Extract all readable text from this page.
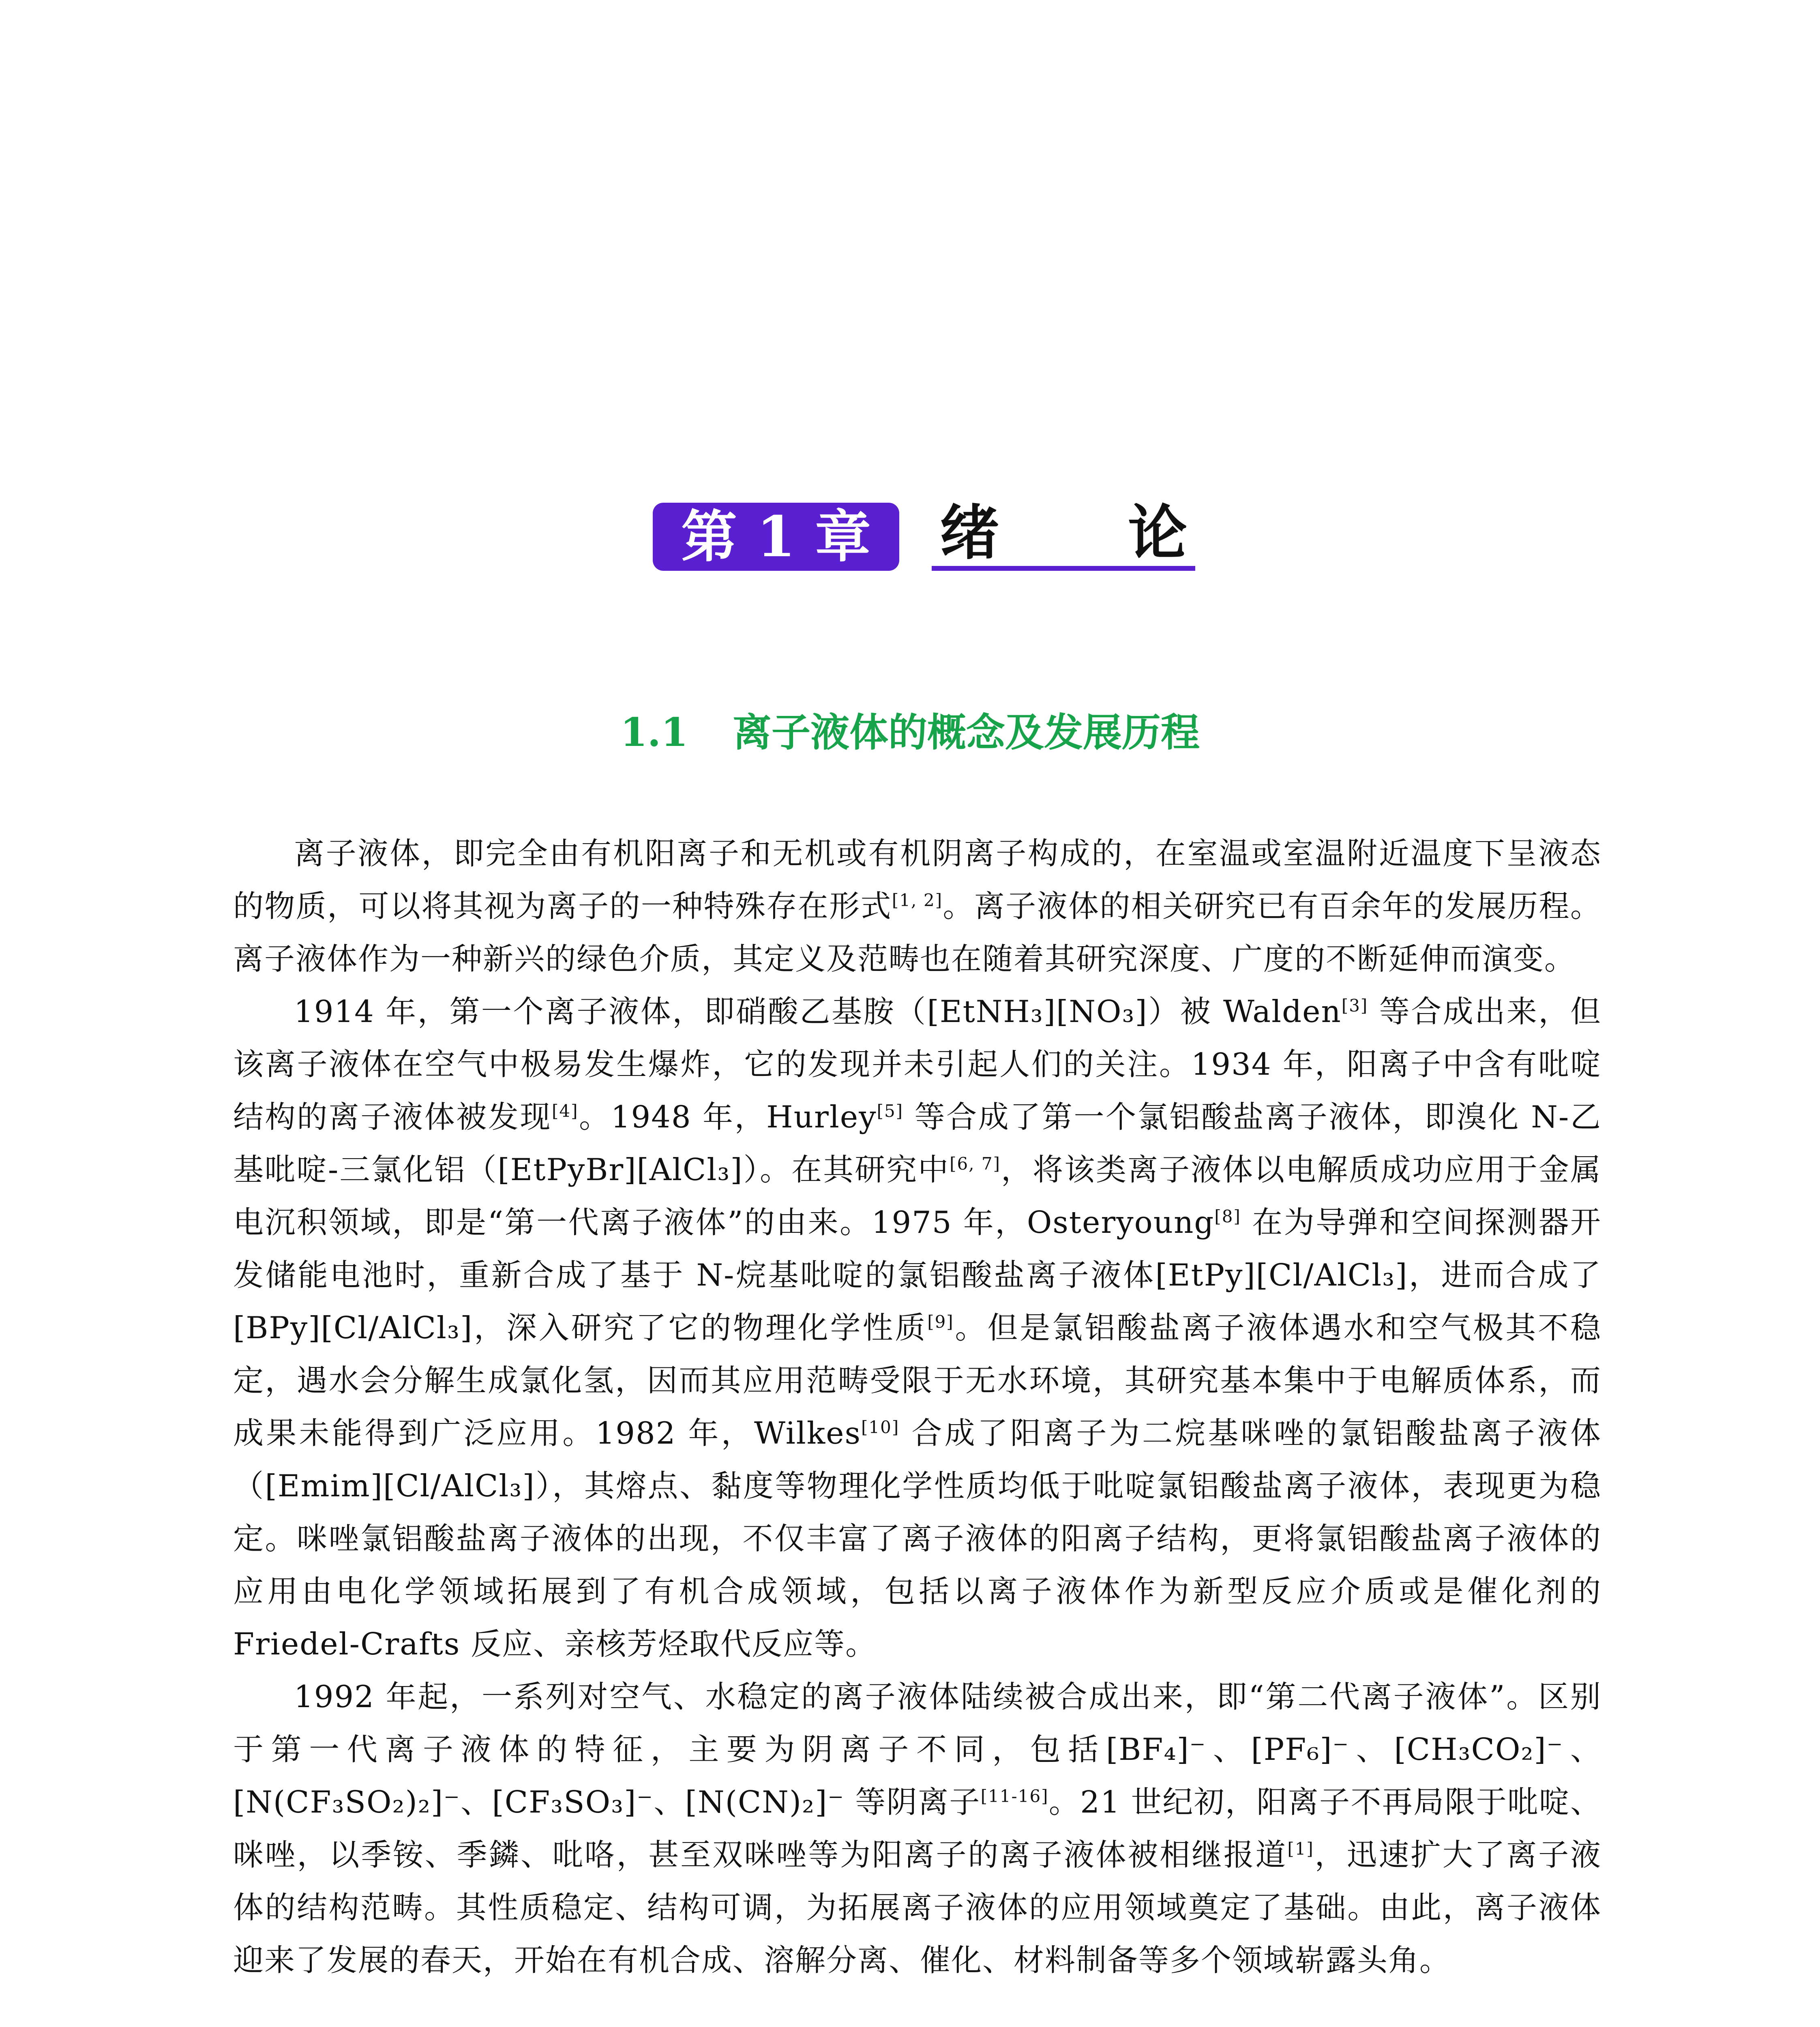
第 1 章	绪 论
1.1 离子液体的概念及发展历程

离子液体，即完全由有机阳离子和无机或有机阴离子构成的，在室温或室温附近温度下呈液态的物质，可以将其视为离子的一种特殊存在形式[1, 2]。离子液体的相关研究已有百余年的发展历程。离子液体作为一种新兴的绿色介质，其定义及范畴也在随着其研究深度、广度的不断延伸而演变。

1914 年，第一个离子液体，即硝酸乙基胺（[EtNH₃][NO₃]）被 Walden[3] 等合成出来，但该离子液体在空气中极易发生爆炸，它的发现并未引起人们的关注。1934 年，阳离子中含有吡啶结构的离子液体被发现[4]。1948 年，Hurley[5] 等合成了第一个氯铝酸盐离子液体，即溴化 N-乙基吡啶-三氯化铝（[EtPyBr][AlCl₃]）。在其研究中[6, 7]，将该类离子液体以电解质成功应用于金属电沉积领域，即是“第一代离子液体”的由来。1975 年，Osteryoung[8] 在为导弹和空间探测器开发储能电池时，重新合成了基于 N-烷基吡啶的氯铝酸盐离子液体[EtPy][Cl/AlCl₃]，进而合成了[BPy][Cl/AlCl₃]，深入研究了它的物理化学性质[9]。但是氯铝酸盐离子液体遇水和空气极其不稳定，遇水会分解生成氯化氢，因而其应用范畴受限于无水环境，其研究基本集中于电解质体系，而成果未能得到广泛应用。1982 年，Wilkes[10] 合成了阳离子为二烷基咪唑的氯铝酸盐离子液体（[Emim][Cl/AlCl₃]），其熔点、黏度等物理化学性质均低于吡啶氯铝酸盐离子液体，表现更为稳定。咪唑氯铝酸盐离子液体的出现，不仅丰富了离子液体的阳离子结构，更将氯铝酸盐离子液体的应用由电化学领域拓展到了有机合成领域，包括以离子液体作为新型反应介质或是催化剂的 Friedel-Crafts 反应、亲核芳烃取代反应等。

1992 年起，一系列对空气、水稳定的离子液体陆续被合成出来，即“第二代离子液体”。区别于第一代离子液体的特征，主要为阴离子不同，包括[BF₄]⁻、[PF₆]⁻、[CH₃CO₂]⁻、[N(CF₃SO₂)₂]⁻、[CF₃SO₃]⁻、[N(CN)₂]⁻ 等阴离子[11-16]。21 世纪初，阳离子不再局限于吡啶、咪唑，以季铵、季鏻、吡咯，甚至双咪唑等为阳离子的离子液体被相继报道[1]，迅速扩大了离子液体的结构范畴。其性质稳定、结构可调，为拓展离子液体的应用领域奠定了基础。由此，离子液体迎来了发展的春天，开始在有机合成、溶解分离、催化、材料制备等多个领域崭露头角。
